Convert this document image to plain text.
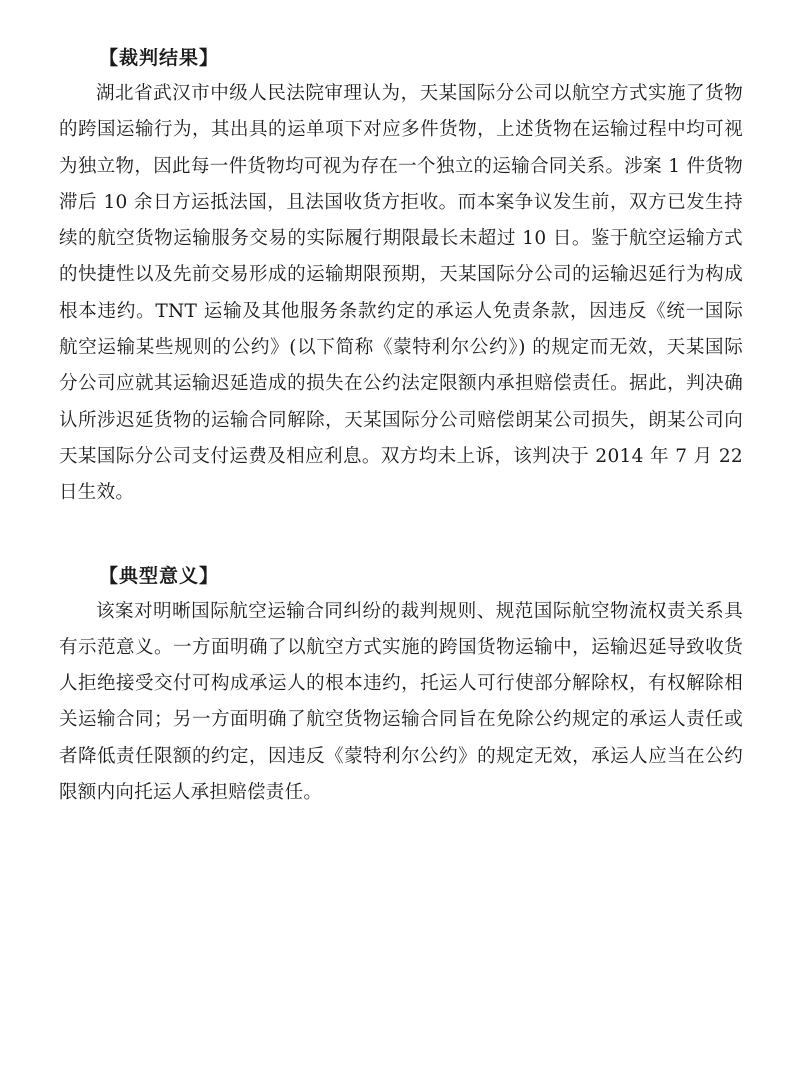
【裁判结果】

湖北省武汉市中级人民法院审理认为，天某国际分公司以航空方式实施了货物的跨国运输行为，其出具的运单项下对应多件货物，上述货物在运输过程中均可视为独立物，因此每一件货物均可视为存在一个独立的运输合同关系。涉案 1 件货物滞后 10 余日方运抵法国，且法国收货方拒收。而本案争议发生前，双方已发生持续的航空货物运输服务交易的实际履行期限最长未超过 10 日。鉴于航空运输方式的快捷性以及先前交易形成的运输期限预期，天某国际分公司的运输迟延行为构成根本违约。TNT 运输及其他服务条款约定的承运人免责条款，因违反《统一国际航空运输某些规则的公约》(以下简称《蒙特利尔公约》) 的规定而无效，天某国际分公司应就其运输迟延造成的损失在公约法定限额内承担赔偿责任。据此，判决确认所涉迟延货物的运输合同解除，天某国际分公司赔偿朗某公司损失，朗某公司向天某国际分公司支付运费及相应利息。双方均未上诉，该判决于 2014 年 7 月 22 日生效。

【典型意义】

该案对明晰国际航空运输合同纠纷的裁判规则、规范国际航空物流权责关系具有示范意义。一方面明确了以航空方式实施的跨国货物运输中，运输迟延导致收货人拒绝接受交付可构成承运人的根本违约，托运人可行使部分解除权，有权解除相关运输合同；另一方面明确了航空货物运输合同旨在免除公约规定的承运人责任或者降低责任限额的约定，因违反《蒙特利尔公约》的规定无效，承运人应当在公约限额内向托运人承担赔偿责任。
